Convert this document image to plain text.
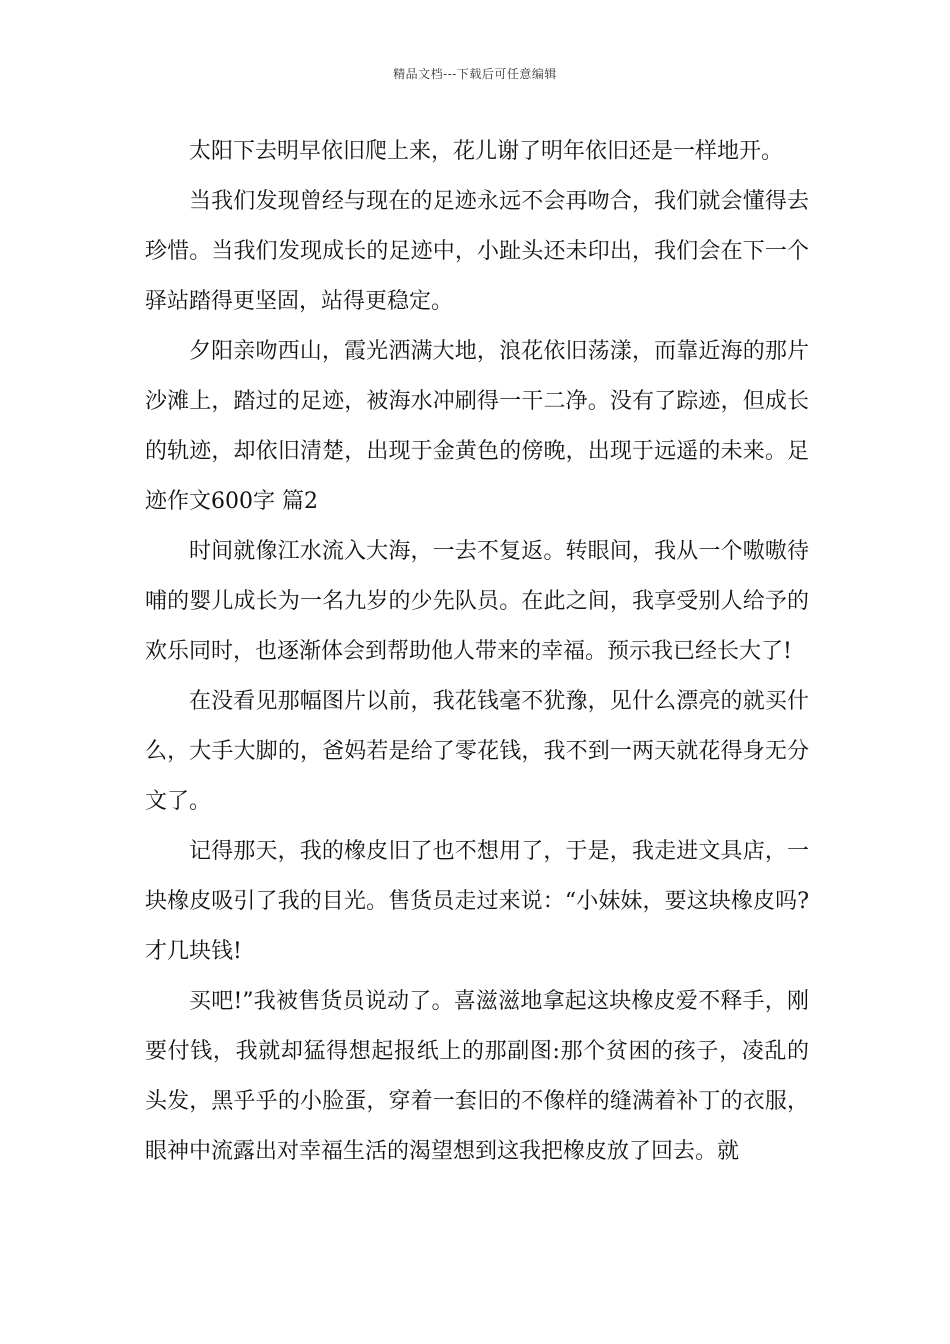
精品文档---下载后可任意编辑

太阳下去明早依旧爬上来，花儿谢了明年依旧还是一样地开。

当我们发现曾经与现在的足迹永远不会再吻合，我们就会懂得去珍惜。当我们发现成长的足迹中，小趾头还未印出，我们会在下一个驿站踏得更坚固，站得更稳定。

夕阳亲吻西山，霞光洒满大地，浪花依旧荡漾，而靠近海的那片沙滩上，踏过的足迹，被海水冲刷得一干二净。没有了踪迹，但成长的轨迹，却依旧清楚，出现于金黄色的傍晚，出现于远遥的未来。足迹作文600字 篇2

时间就像江水流入大海，一去不复返。转眼间，我从一个嗷嗷待哺的婴儿成长为一名九岁的少先队员。在此之间，我享受别人给予的欢乐同时，也逐渐体会到帮助他人带来的幸福。预示我已经长大了!

在没看见那幅图片以前，我花钱毫不犹豫，见什么漂亮的就买什么，大手大脚的，爸妈若是给了零花钱，我不到一两天就花得身无分文了。

记得那天，我的橡皮旧了也不想用了，于是，我走进文具店，一块橡皮吸引了我的目光。售货员走过来说：“小妹妹，要这块橡皮吗?才几块钱!

买吧!”我被售货员说动了。喜滋滋地拿起这块橡皮爱不释手，刚要付钱，我就却猛得想起报纸上的那副图:那个贫困的孩子，凌乱的头发，黑乎乎的小脸蛋，穿着一套旧的不像样的缝满着补丁的衣服，眼神中流露出对幸福生活的渴望想到这我把橡皮放了回去。就
